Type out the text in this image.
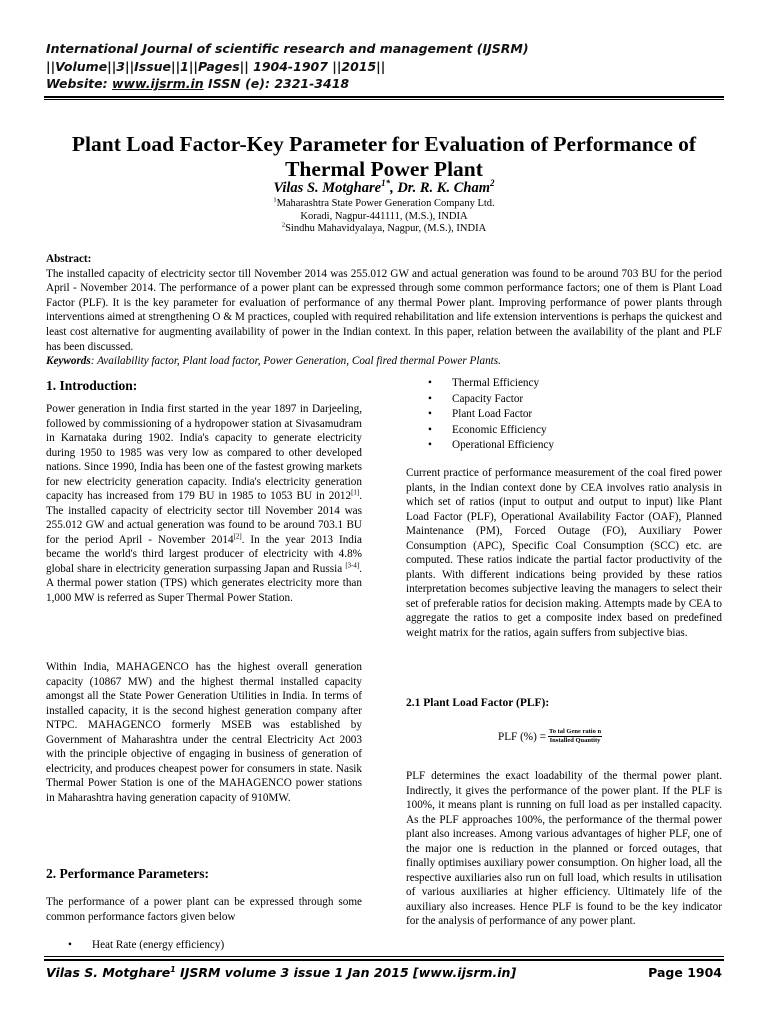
International Journal of scientific research and management (IJSRM)
||Volume||3||Issue||1||Pages|| 1904-1907 ||2015||
Website: www.ijsrm.in ISSN (e): 2321-3418
Plant Load Factor-Key Parameter for Evaluation of Performance of Thermal Power Plant
Vilas S. Motghare$^{1*}$, Dr. R. K. Cham$^2$
$^1$Maharashtra State Power Generation Company Ltd.
Koradi, Nagpur-441111, (M.S.), INDIA
$^2$Sindhu Mahavidyalaya, Nagpur, (M.S.), INDIA
Abstract:
The installed capacity of electricity sector till November 2014 was 255.012 GW and actual generation was found to be around 703 BU for the period April - November 2014. The performance of a power plant can be expressed through some common performance factors; one of them is Plant Load Factor (PLF). It is the key parameter for evaluation of performance of any thermal Power plant. Improving performance of power plants through interventions aimed at strengthening O & M practices, coupled with required rehabilitation and life extension interventions is perhaps the quickest and least cost alternative for augmenting availability of power in the Indian context. In this paper, relation between the availability of the plant and PLF has been discussed.
Keywords: Availability factor, Plant load factor, Power Generation, Coal fired thermal Power Plants.
1. Introduction:
Power generation in India first started in the year 1897 in Darjeeling, followed by commissioning of a hydropower station at Sivasamudram in Karnataka during 1902. India's capacity to generate electricity during 1950 to 1985 was very low as compared to other developed nations. Since 1990, India has been one of the fastest growing markets for new electricity generation capacity. India's electricity generation capacity has increased from 179 BU in 1985 to 1053 BU in 2012[1]. The installed capacity of electricity sector till November 2014 was 255.012 GW and actual generation was found to be around 703.1 BU for the period April - November 2014[2]. In the year 2013 India became the world's third largest producer of electricity with 4.8% global share in electricity generation surpassing Japan and Russia [3-4]. A thermal power station (TPS) which generates electricity more than 1,000 MW is referred as Super Thermal Power Station.
Within India, MAHAGENCO has the highest overall generation capacity (10867 MW) and the highest thermal installed capacity amongst all the State Power Generation Utilities in India. In terms of installed capacity, it is the second highest generation company after NTPC. MAHAGENCO formerly MSEB was established by Government of Maharashtra under the central Electricity Act 2003 with the principle objective of engaging in business of generation of electricity, and produces cheapest power for consumers in state. Nasik Thermal Power Station is one of the MAHAGENCO power stations in Maharashtra having generation capacity of 910MW.
2. Performance Parameters:
The performance of a power plant can be expressed through some common performance factors given below
• Heat Rate (energy efficiency)
• Thermal Efficiency
• Capacity Factor
• Plant Load Factor
• Economic Efficiency
• Operational Efficiency
Current practice of performance measurement of the coal fired power plants, in the Indian context done by CEA involves ratio analysis in which set of ratios (input to output and output to input) like Plant Load Factor (PLF), Operational Availability Factor (OAF), Planned Maintenance (PM), Forced Outage (FO), Auxiliary Power Consumption (APC), Specific Coal Consumption (SCC) etc. are computed. These ratios indicate the partial factor productivity of the plants. With different indications being provided by these ratios interpretation becomes subjective leaving the managers to select their set of preferable ratios for decision making. Attempts made by CEA to aggregate the ratios to get a composite index based on predefined weight matrix for the ratios, again suffers from subjective bias.
2.1 Plant Load Factor (PLF):
PLF (%) = $\frac{\text{To tal Gene ratio n}}{\text{Installed Quantity}}$
PLF determines the exact loadability of the thermal power plant. Indirectly, it gives the performance of the power plant. If the PLF is 100%, it means plant is running on full load as per installed capacity. As the PLF approaches 100%, the performance of the thermal power plant also increases. Among various advantages of higher PLF, one of the major one is reduction in the planned or forced outages, that finally optimises auxiliary power consumption. On higher load, all the respective auxiliaries also run on full load, which results in utilisation of various auxiliaries at higher efficiency. Ultimately life of the auxiliary also increases. Hence PLF is found to be the key indicator for the analysis of performance of any power plant.
Vilas S. Motghare$^1$ IJSRM volume 3 issue 1 Jan 2015 [www.ijsrm.in]	Page 1904
